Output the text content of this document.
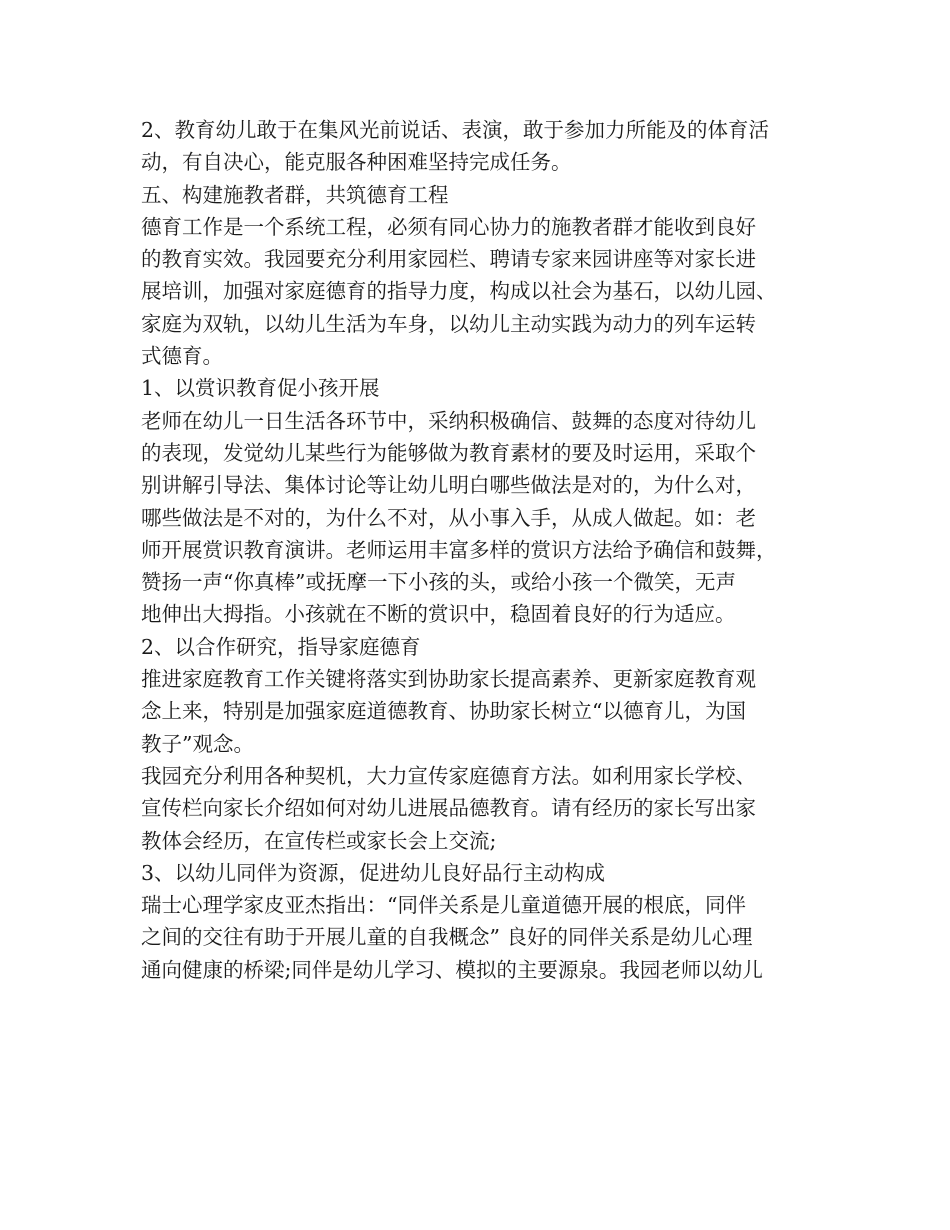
2、教育幼儿敢于在集风光前说话、表演，敢于参加力所能及的体育活
动，有自决心，能克服各种困难坚持完成任务。
五、构建施教者群，共筑德育工程
德育工作是一个系统工程，必须有同心协力的施教者群才能收到良好
的教育实效。我园要充分利用家园栏、聘请专家来园讲座等对家长进
展培训，加强对家庭德育的指导力度，构成以社会为基石，以幼儿园、
家庭为双轨，以幼儿生活为车身，以幼儿主动实践为动力的列车运转
式德育。
1、以赏识教育促小孩开展
老师在幼儿一日生活各环节中，采纳积极确信、鼓舞的态度对待幼儿
的表现，发觉幼儿某些行为能够做为教育素材的要及时运用，采取个
别讲解引导法、集体讨论等让幼儿明白哪些做法是对的，为什么对，
哪些做法是不对的，为什么不对，从小事入手，从成人做起。如：老
师开展赏识教育演讲。老师运用丰富多样的赏识方法给予确信和鼓舞，
赞扬一声“你真棒”或抚摩一下小孩的头，或给小孩一个微笑，无声
地伸出大拇指。小孩就在不断的赏识中，稳固着良好的行为适应。
2、以合作研究，指导家庭德育
推进家庭教育工作关键将落实到协助家长提高素养、更新家庭教育观
念上来，特别是加强家庭道德教育、协助家长树立“以德育儿，为国
教子”观念。
我园充分利用各种契机，大力宣传家庭德育方法。如利用家长学校、
宣传栏向家长介绍如何对幼儿进展品德教育。请有经历的家长写出家
教体会经历，在宣传栏或家长会上交流;
3、以幼儿同伴为资源，促进幼儿良好品行主动构成
瑞士心理学家皮亚杰指出：“同伴关系是儿童道德开展的根底，同伴
之间的交往有助于开展儿童的自我概念” 良好的同伴关系是幼儿心理
通向健康的桥梁;同伴是幼儿学习、模拟的主要源泉。我园老师以幼儿
